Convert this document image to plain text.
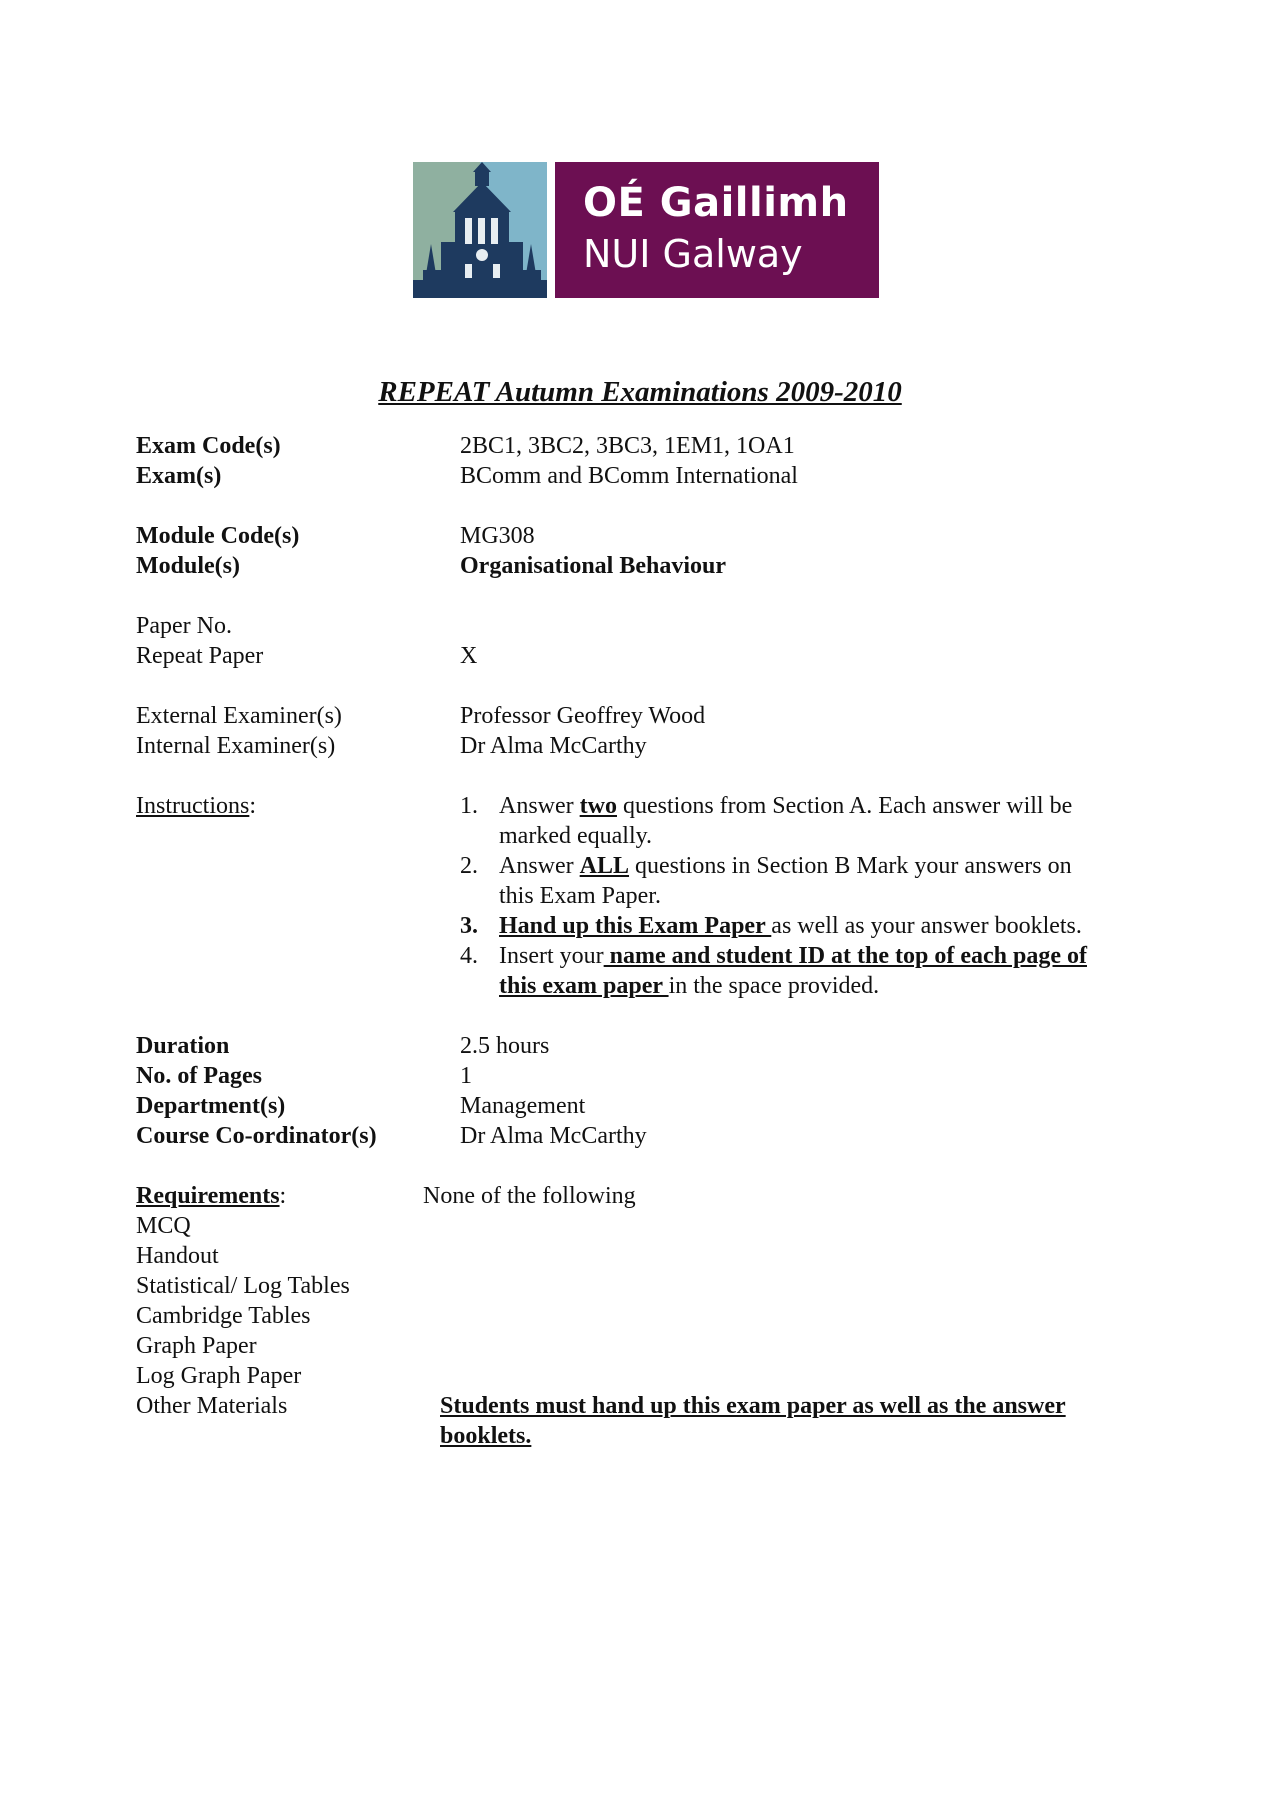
OÉ Gaillimh
NUI Galway
REPEAT Autumn Examinations 2009-2010
Exam Code(s)	2BC1, 3BC2, 3BC3, 1EM1, 1OA1
Exam(s)	BComm and BComm International
Module Code(s)	MG308
Module(s)	Organisational Behaviour
Paper No.
Repeat Paper	X
External Examiner(s)	Professor Geoffrey Wood
Internal Examiner(s)	Dr Alma McCarthy
Instructions:	1. Answer two questions from Section A. Each answer will be
marked equally.
2. Answer ALL questions in Section B Mark your answers on
this Exam Paper.
3. Hand up this Exam Paper as well as your answer booklets.
4. Insert your name and student ID at the top of each page of
this exam paper in the space provided.
Duration	2.5 hours
No. of Pages	1
Department(s)	Management
Course Co-ordinator(s)	Dr Alma McCarthy
Requirements:	None of the following
MCQ
Handout
Statistical/ Log Tables
Cambridge Tables
Graph Paper
Log Graph Paper
Other Materials	Students must hand up this exam paper as well as the answer
booklets.
